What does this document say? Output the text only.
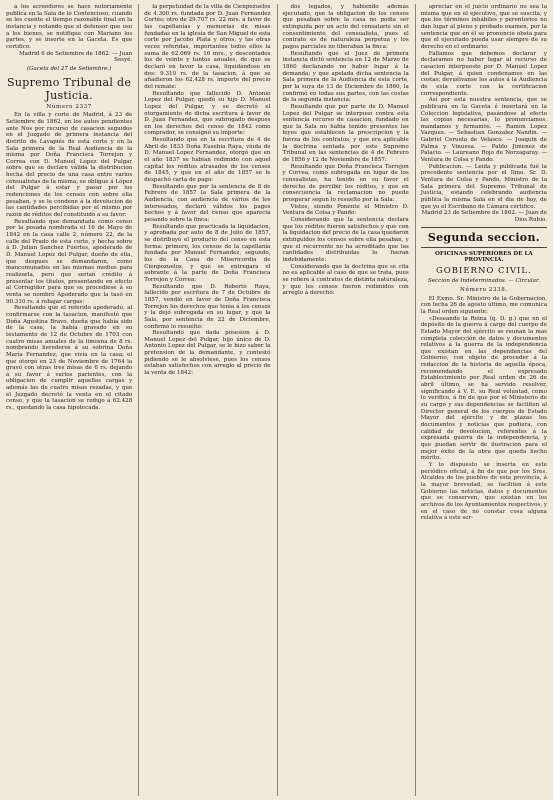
á los acreedores se hace notoriamente publica en la Sala de lo Contencioso, cuando se les cuente el tiempo razonable final en la instancia y notando que el defensor que uso a los bienes, se notifique con Mariano los partes, y se inserte en la Gaceta. Es que certifico.

Madrid 6 de Setiembre de 1862. — Juan Sesyé.

(Gaceta del 27 de Setiembre.)

Supremo Tribunal de Justicia.
Número 2337

En la villa y corte de Madrid, á 23 de Setiembre de 1862, en los autos pendientes ante Nos por recurso de casacion seguidos en el Juzgado de primera instancia del distrito de Lavapiés de esta corte y en la Sala primera de la Real Audiencia de la misma por Doña Francisca Torrejon y Correa con D. Manuel Lopez del Pulgar sobre que se declare válida la distribucion hecha del precio de una casa entre varios censualistas de la misma, se obligue á López del Pulgar á estar y pasar por los redenciones de los censos con sobre ella pesaban, y se le condene á la devolucion de las cantidades percibidas por el mismo por razon de réditos del constituido a su favor:

Resultando que demandada como censo por la posada nombrada el 16 de Mayo de 1842 en la casa calle 2, número 22, de la calle del Prado de esta corte, y hecha sobre á D. Julian Sanchez Fuertes, apoderado de D. Manuel Lopez del Pulgar, dueño de ella, que despues se demandaron, como mancomunados en las mismas medios para realizarla, pero que serian crédito á presentar los títulos, presentando en efecto al Corregidor para que se procediese á su venta se nombró Apoderado que la tasó en 90.310 rs. á rebajar cargas:

Resultando que el referido apoderado, al confirmarse con la tasacion, manifestó que Doña Agustina Bravo, dueña que había sido de la casa, la había gravado en su testamento de 12 de Octubre de 1703 con cuatro misas anuales de la limosna de 8 rs. nombrando herederos á su sobrina Doña María Fernandez, que vivía en la casa; el que otorgó en 23 de Noviembre de 1764 la gravó con otras tres misas de 6 rs. dejando á su favor á varios parientes, con la obligacion de cumplir aquellas cargas y además las de cuatro misas rezadas, y que el Juzgado decretó la venta en el citado censo, y que la tasacion se redujo á 62.428 rs., quedando la casa hipotecada.

la perpetuidad de la villa de Cienpozuelos de 4.300 rs. fundada por D. Juan Fernandez Cortés; otro de 29.707 rs. 22 mrs. á favor de las capellanías y memorias de misas fundadas en la iglesia de San Miguel de esta corte por Jacobo Plata y otros, y las otras veces referidas, importantes todos ellos la suma de 62.069 rs. 16 mrs., y descontados los de veinte y tantos anuales, de que se declaró en favor la casa, liquidándose en dos: 9.310 rs. de la tasacion, á que se añadieron los 62.428 rs. importe del precio del remate:

Resultando que fallecido D. Antonio Lopez del Pulgar, quedó su hijo D. Manuel Lopez del Pulgar, y se decretó el otorgamiento de dicha escritura á favor de D. Juan Fernandez, que subrogado despues en los derechos del censo de 1842 como comprador, se consignó su importe:

Resultando que en la escritura de 4 de Abril de 1833 Doña Eusebia Raya, viuda de D. Manuel Lopez Fernandez, otorgó que en el año 1837 se habian redimido con aquel capital los réditos atrasados de los censos de 1845, y que en el año de 1857 se le despachó carta de pago:

Resultando que por la sentencia de 8 de Febrero de 1857 la Sala primera de la Audiencia, con audiencia de varios de los interesados, declaró válidos los pagos hechos y á favor del censo que aparecia pesando sobre la finca:

Resultando que practicada la liquidacion, y aprobada por auto de 8 de Julio de 1857, se distribuyó el producto del censo en esta forma: primero, los censos de la capellanía fundada por Manuel Fernandez, segundo, los de la Casa de Misericordia de Cienpozuelos, y que se entregara el sobrante á la parte de Doña Francisca Torrejon y Correa:

Resultando que D. Roberto Raya, fallecido por escritura de 7 de Octubre de 1857, vendió en favor de Doña Francisca Torrejon los derechos que tenia á los censos y la dejó subrogada en su lugar, y que la Sala, por sentencia de 22 de Diciembre, confirmó lo resuelto:

Resultando que dada posesion á D. Manuel Lopez del Pulgar, hijo único de D. Antonio Lopez del Pulgar, se le hizo saber la pretension de la demandante, y contestó pidiendo se le absolviese, pues los censos estaban satisfechos con arreglo al precio de la venta de 1842:

dos legados, y habiendo además ejecutado, que la obligacion de los censos que pesaban sobre la casa no podia ser extinguida por un acto del censatario sin el consentimiento del censualista, pues el contrato es de naturaleza perpetua y los pagos parciales no liberaban la finca:

Resultando que el Juez de primera instancia dictó sentencia en 12 de Marzo de 1860 declarando no haber lugar á la demanda; y que apelada dicha sentencia la Sala primera de la Audiencia de esta corte, por la suya de 13 de Diciembre de 1860, la confirmó en todas sus partes, con las costas de la segunda instancia:

Resultando que por parte de D. Manuel Lopez del Pulgar se interpuso contra esta sentencia recurso de casacion, fundado en que la Sala no habia tenido presentes las leyes que establecen la prescripcion y la fuerza de los contratos, y que era aplicable la doctrina sentada por este Supremo Tribunal en las sentencias de 4 de Febrero de 1856 y 12 de Noviembre de 1857:

Resultando que Doña Francisca Torrejon y Correa, como subrogada en lugar de los censualistas, ha tenido en su favor el derecho de percibir los réditos, y que en consecuencia la reclamacion no puede prosperar segun lo resuelto por la Sala:

Vistos, siendo Ponente el Ministro D. Ventura de Colsa y Pando:

Considerando que la sentencia declara que los réditos fueron satisfechos y que con la liquidacion del precio de la casa quedaron extinguidos los censos sobre ella pesaban, y que el recurrente no ha acreditado que las cantidades distribuidas lo fueran indebidamente:

Considerando que la doctrina que se cita no es aplicable al caso de que se trata, pues se refiere á contratos de distinta naturaleza, y que los censos fueron redimidos con arreglo á derecho:

apreciar en el juicio ordinario no sea la misma que en el ejecutivo, que se suscita, y que los términos inhábiles y perentorios no dan lugar al pleno y probado examen, por la sentencia que en él se pronuncie obsta para que el ejecutado pueda usar siempre de su derecho en el ordinario:

Fallamos que debemos declarar y declaramos no haber lugar al recurso de casacion interpuesto por D. Manuel Lopez del Pulgar, á quien condenamos en las costas; devuélvanse los autos á la Audiencia de esta corte con la certificacion correspondiente.

Así por esta nuestra sentencia, que se publicará en la Gaceta é insertará en la Coleccion legislativa, pasándose al efecto las copias necesarias, lo pronunciamos, mandamos y firmamos. — Ramon Lopez Vazquez. — Sebastian Gonzalez Nandin. — Gabriel Ceruelo de Velasco. — Joaquin de Palma y Vinuesa. — Pablo Jimenez de Palacio. — Laureano Rojo de Norzagaray. — Ventura de Colsa y Pando.

Publicacion. — Leida y publicada fué la precedente sentencia por el Ilmo. Sr. D. Ventura de Colsa y Pando, Ministro de la Sala primera del Supremo Tribunal de Justicia, estando celebrando audiencia pública la misma Sala en el dia de hoy, de que yo el Escribano de Cámara certifico.

Madrid 23 de Setiembre de 1862. — Juan de Dios Rubio.

Segunda seccion.
OFICINAS SUPERIORES DE LA PROVINCIA.
GOBIERNO CIVIL.
Seccion de Indeterminados. — Circular.
Número 2338.

El Exmo. Sr. Ministro de la Gobernacion, con fecha 26 de agosto último, me comunica la Real orden siguiente:

«Deseando la Reina (q. D. g.) que en el depósito de la guerra á cargo del cuerpo de Estado Mayor del ejército se reunan la mas completa colección de datos y documentos relativos á la guerra de la independencia que existan en las dependencias del Gobierno, con objeto de proceder á la redaccion de la historia de aquella época, recomendando el expresado Establecimiento por Real orden de 26 de abril último, se ha servido resolver, significando á V. E. su Real voluntad, como lo verifico, á fin de que por el Ministerio de su cargo y sus dependencias se faciliten al Director general de los cuerpos de Estado Mayor del ejército y de plazas los documentos y noticias que pudiera, con calidad de devolucion, referentes á la expresada guerra de la independencia, y que puedan servir de ilustracion para el mejor éxito de la obra que queda hecho mérito.

Y lo dispuesto se inserta en este periódico oficial, á fin de que por los Sres. Alcaldes de los pueblos de esta provincia, á la mayor brevedad, se faciliten á este Gobierno las noticias, datos y documentos que se conserven, que existan en los archivos de los Ayuntamientos respectivos, y en el caso de no constar cosa alguna relativa á este ser-
